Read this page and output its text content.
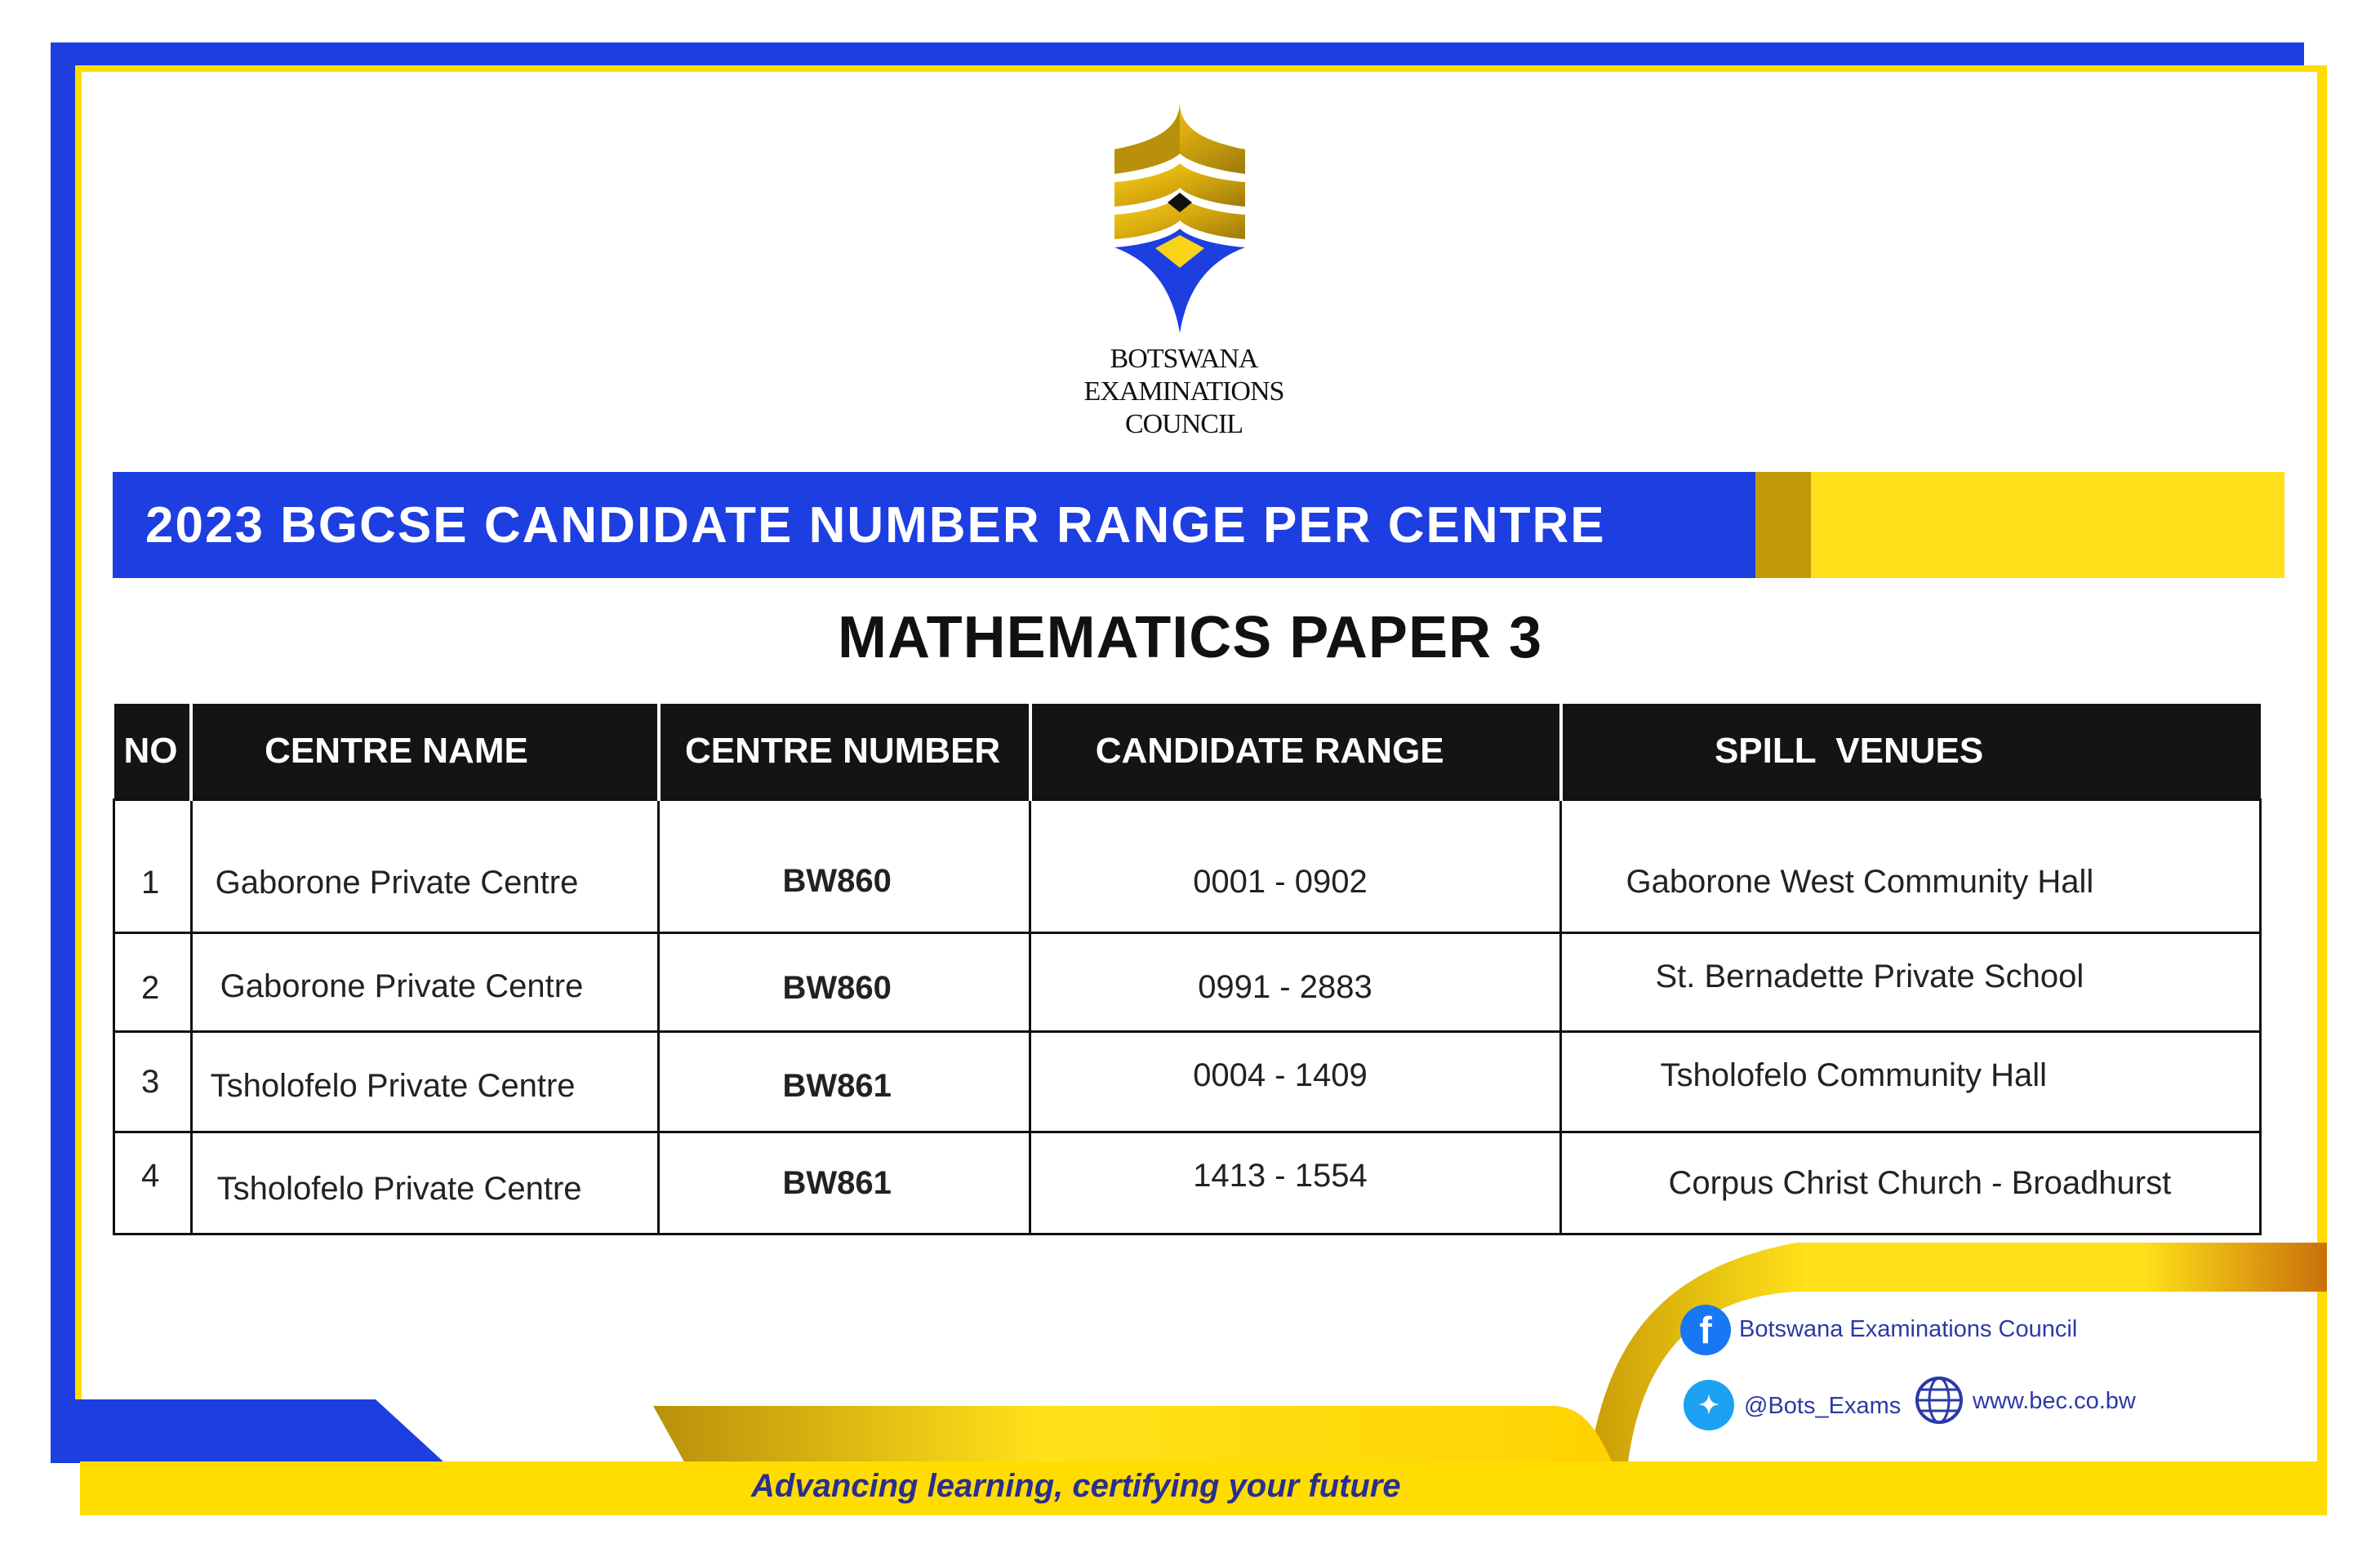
BOTSWANA
EXAMINATIONS
COUNCIL
2023 BGCSE CANDIDATE NUMBER RANGE PER CENTRE
MATHEMATICS PAPER 3
NO	CENTRE NAME	CENTRE NUMBER	CANDIDATE RANGE	SPILL  VENUES
1	Gaborone Private Centre	BW860	0001 - 0902	Gaborone West Community Hall
2	Gaborone Private Centre	BW860	0991 - 2883	St. Bernadette Private School
3	Tsholofelo Private Centre	BW861	0004 - 1409	Tsholofelo Community Hall
4	Tsholofelo Private Centre	BW861	1413 - 1554	Corpus Christ Church - Broadhurst
Advancing learning, certifying your future
f	Botswana Examinations Council
✦	@Bots_Exams	www.bec.co.bw
